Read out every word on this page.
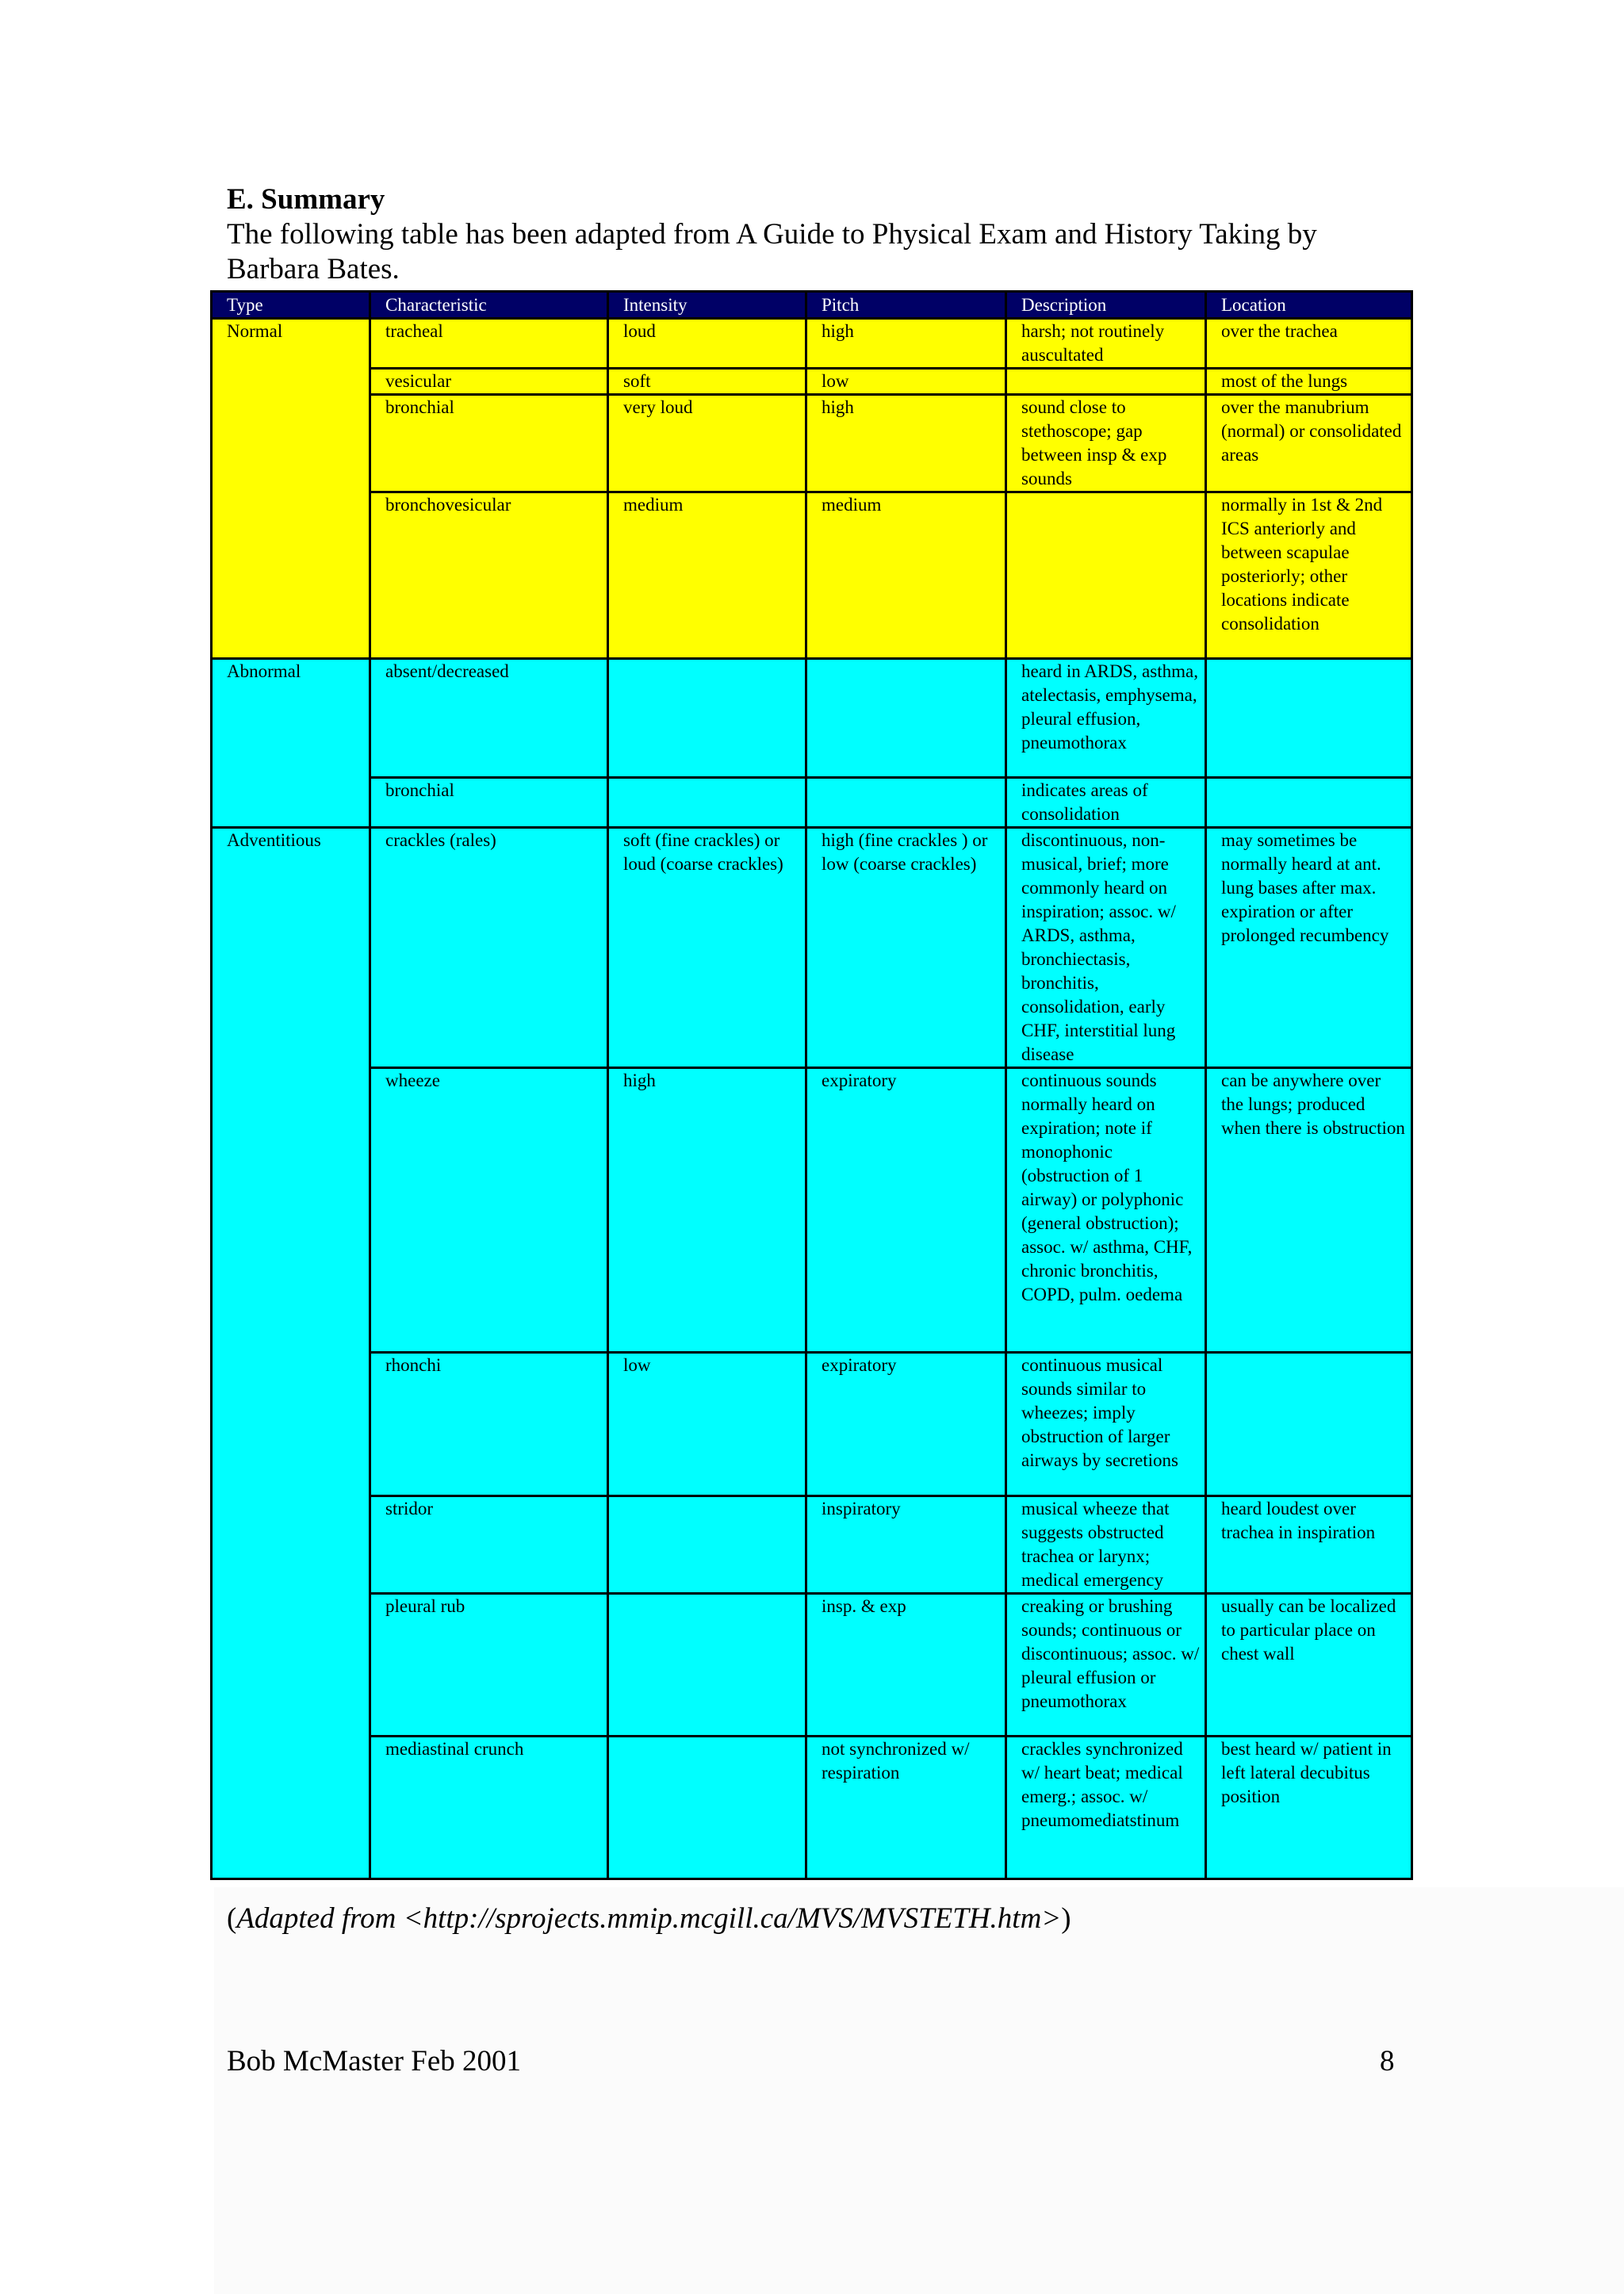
E. Summary
The following table has been adapted from A Guide to Physical Exam and History Taking by Barbara Bates.
Type	Characteristic	Intensity	Pitch	Description	Location
Normal	tracheal	loud	high	harsh; not routinely auscultated	over the trachea
	vesicular	soft	low		most of the lungs
	bronchial	very loud	high	sound close to stethoscope; gap between insp & exp sounds	over the manubrium (normal) or consolidated areas
	bronchovesicular	medium	medium		normally in 1st & 2nd ICS anteriorly and between scapulae posteriorly; other locations indicate consolidation
Abnormal	absent/decreased			heard in ARDS, asthma, atelectasis, emphysema, pleural effusion, pneumothorax	
	bronchial			indicates areas of consolidation	
Adventitious	crackles (rales)	soft (fine crackles) or loud (coarse crackles)	high (fine crackles ) or low (coarse crackles)	discontinuous, non-musical, brief; more commonly heard on inspiration; assoc. w/ ARDS, asthma, bronchiectasis, bronchitis, consolidation, early CHF, interstitial lung disease	may sometimes be normally heard at ant. lung bases after max. expiration or after prolonged recumbency
	wheeze	high	expiratory	continuous sounds normally heard on expiration; note if monophonic (obstruction of 1 airway) or polyphonic (general obstruction); assoc. w/ asthma, CHF, chronic bronchitis, COPD, pulm. oedema	can be anywhere over the lungs; produced when there is obstruction
	rhonchi	low	expiratory	continuous musical sounds similar to wheezes; imply obstruction of larger airways by secretions	
	stridor		inspiratory	musical wheeze that suggests obstructed trachea or larynx; medical emergency	heard loudest over trachea in inspiration
	pleural rub		insp. & exp	creaking or brushing sounds; continuous or discontinuous; assoc. w/ pleural effusion or pneumothorax	usually can be localized to particular place on chest wall
	mediastinal crunch		not synchronized w/ respiration	crackles synchronized w/ heart beat; medical emerg.; assoc. w/ pneumomediatstinum	best heard w/ patient in left lateral decubitus position
(Adapted from <http://sprojects.mmip.mcgill.ca/MVS/MVSTETH.htm>)
Bob McMaster Feb 2001	8
